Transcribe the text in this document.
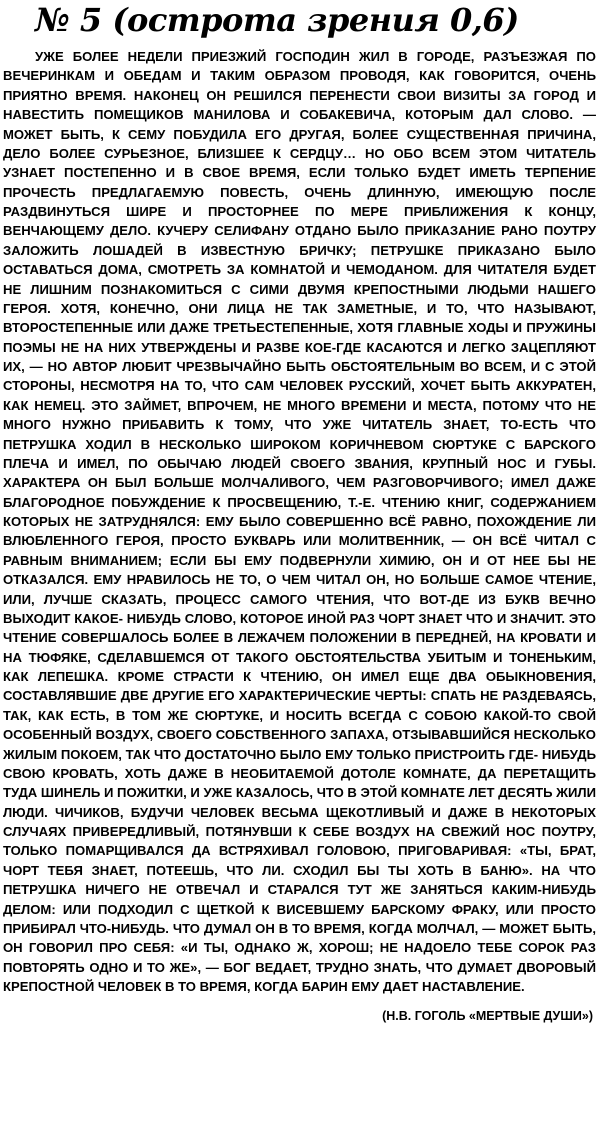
№ 5 (острота зрения 0,6)

УЖЕ БОЛЕЕ НЕДЕЛИ ПРИЕЗЖИЙ ГОСПОДИН ЖИЛ В ГОРОДЕ, РАЗЪЕЗЖАЯ ПО ВЕЧЕРИНКАМ И ОБЕДАМ И ТАКИМ ОБРАЗОМ ПРОВОДЯ, КАК ГОВОРИТСЯ, ОЧЕНЬ ПРИЯТНО ВРЕМЯ. НАКОНЕЦ ОН РЕШИЛСЯ ПЕРЕНЕСТИ СВОИ ВИЗИТЫ ЗА ГОРОД И НАВЕСТИТЬ ПОМЕЩИКОВ МАНИЛОВА И СОБАКЕВИЧА, КОТОРЫМ ДАЛ СЛОВО. — МОЖЕТ БЫТЬ, К СЕМУ ПОБУДИЛА ЕГО ДРУГАЯ, БОЛЕЕ СУЩЕСТВЕННАЯ ПРИЧИНА, ДЕЛО БОЛЕЕ СУРЬЕЗНОЕ, БЛИЗШЕЕ К СЕРДЦУ… НО ОБО ВСЕМ ЭТОМ ЧИТАТЕЛЬ УЗНАЕТ ПОСТЕПЕННО И В СВОЕ ВРЕМЯ, ЕСЛИ ТОЛЬКО БУДЕТ ИМЕТЬ ТЕРПЕНИЕ ПРОЧЕСТЬ ПРЕДЛАГАЕМУЮ ПОВЕСТЬ, ОЧЕНЬ ДЛИННУЮ, ИМЕЮЩУЮ ПОСЛЕ РАЗДВИНУТЬСЯ ШИРЕ И ПРОСТОРНЕЕ ПО МЕРЕ ПРИБЛИЖЕНИЯ К КОНЦУ, ВЕНЧАЮЩЕМУ ДЕЛО. КУЧЕРУ СЕЛИФАНУ ОТДАНО БЫЛО ПРИКАЗАНИЕ РАНО ПОУТРУ ЗАЛОЖИТЬ ЛОШАДЕЙ В ИЗВЕСТНУЮ БРИЧКУ; ПЕТРУШКЕ ПРИКАЗАНО БЫЛО ОСТАВАТЬСЯ ДОМА, СМОТРЕТЬ ЗА КОМНАТОЙ И ЧЕМОДАНОМ. ДЛЯ ЧИТАТЕЛЯ БУДЕТ НЕ ЛИШНИМ ПОЗНАКОМИТЬСЯ С СИМИ ДВУМЯ КРЕПОСТНЫМИ ЛЮДЬМИ НАШЕГО ГЕРОЯ. ХОТЯ, КОНЕЧНО, ОНИ ЛИЦА НЕ ТАК ЗАМЕТНЫЕ, И ТО, ЧТО НАЗЫВАЮТ, ВТОРОСТЕПЕННЫЕ ИЛИ ДАЖЕ ТРЕТЬЕСТЕПЕННЫЕ, ХОТЯ ГЛАВНЫЕ ХОДЫ И ПРУЖИНЫ ПОЭМЫ НЕ НА НИХ УТВЕРЖДЕНЫ И РАЗВЕ КОЕ-ГДЕ КАСАЮТСЯ И ЛЕГКО ЗАЦЕПЛЯЮТ ИХ, — НО АВТОР ЛЮБИТ ЧРЕЗВЫЧАЙНО БЫТЬ ОБСТОЯТЕЛЬНЫМ ВО ВСЕМ, И С ЭТОЙ СТОРОНЫ, НЕСМОТРЯ НА ТО, ЧТО САМ ЧЕЛОВЕК РУССКИЙ, ХОЧЕТ БЫТЬ АККУРАТЕН, КАК НЕМЕЦ. ЭТО ЗАЙМЕТ, ВПРОЧЕМ, НЕ МНОГО ВРЕМЕНИ И МЕСТА, ПОТОМУ ЧТО НЕ МНОГО НУЖНО ПРИБАВИТЬ К ТОМУ, ЧТО УЖЕ ЧИТАТЕЛЬ ЗНАЕТ, ТО-ЕСТЬ ЧТО ПЕТРУШКА ХОДИЛ В НЕСКОЛЬКО ШИРОКОМ КОРИЧНЕВОМ СЮРТУКЕ С БАРСКОГО ПЛЕЧА И ИМЕЛ, ПО ОБЫЧАЮ ЛЮДЕЙ СВОЕГО ЗВАНИЯ, КРУПНЫЙ НОС И ГУБЫ. ХАРАКТЕРА ОН БЫЛ БОЛЬШЕ МОЛЧАЛИВОГО, ЧЕМ РАЗГОВОРЧИВОГО; ИМЕЛ ДАЖЕ БЛАГОРОДНОЕ ПОБУЖДЕНИЕ К ПРОСВЕЩЕНИЮ, Т.-Е. ЧТЕНИЮ КНИГ, СОДЕРЖАНИЕМ КОТОРЫХ НЕ ЗАТРУДНЯЛСЯ: ЕМУ БЫЛО СОВЕРШЕННО ВСЁ РАВНО, ПОХОЖДЕНИЕ ЛИ ВЛЮБЛЕННОГО ГЕРОЯ, ПРОСТО БУКВАРЬ ИЛИ МОЛИТВЕННИК, — ОН ВСЁ ЧИТАЛ С РАВНЫМ ВНИМАНИЕМ; ЕСЛИ БЫ ЕМУ ПОДВЕРНУЛИ ХИМИЮ, ОН И ОТ НЕЕ БЫ НЕ ОТКАЗАЛСЯ. ЕМУ НРАВИЛОСЬ НЕ ТО, О ЧЕМ ЧИТАЛ ОН, НО БОЛЬШЕ САМОЕ ЧТЕНИЕ, ИЛИ, ЛУЧШЕ СКАЗАТЬ, ПРОЦЕСС САМОГО ЧТЕНИЯ, ЧТО ВОТ-ДЕ ИЗ БУКВ ВЕЧНО ВЫХОДИТ КАКОЕ- НИБУДЬ СЛОВО, КОТОРОЕ ИНОЙ РАЗ ЧОРТ ЗНАЕТ ЧТО И ЗНАЧИТ. ЭТО ЧТЕНИЕ СОВЕРШАЛОСЬ БОЛЕЕ В ЛЕЖАЧЕМ ПОЛОЖЕНИИ В ПЕРЕДНЕЙ, НА КРОВАТИ И НА ТЮФЯКЕ, СДЕЛАВШЕМСЯ ОТ ТАКОГО ОБСТОЯТЕЛЬСТВА УБИТЫМ И ТОНЕНЬКИМ, КАК ЛЕПЕШКА. КРОМЕ СТРАСТИ К ЧТЕНИЮ, ОН ИМЕЛ ЕЩЕ ДВА ОБЫКНОВЕНИЯ, СОСТАВЛЯВШИЕ ДВЕ ДРУГИЕ ЕГО ХАРАКТЕРИЧЕСКИЕ ЧЕРТЫ: СПАТЬ НЕ РАЗДЕВАЯСЬ, ТАК, КАК ЕСТЬ, В ТОМ ЖЕ СЮРТУКЕ, И НОСИТЬ ВСЕГДА С СОБОЮ КАКОЙ-ТО СВОЙ ОСОБЕННЫЙ ВОЗДУХ, СВОЕГО СОБСТВЕННОГО ЗАПАХА, ОТЗЫВАВШИЙСЯ НЕСКОЛЬКО ЖИЛЫМ ПОКОЕМ, ТАК ЧТО ДОСТАТОЧНО БЫЛО ЕМУ ТОЛЬКО ПРИСТРОИТЬ ГДЕ- НИБУДЬ СВОЮ КРОВАТЬ, ХОТЬ ДАЖЕ В НЕОБИТАЕМОЙ ДОТОЛЕ КОМНАТЕ, ДА ПЕРЕТАЩИТЬ ТУДА ШИНЕЛЬ И ПОЖИТКИ, И УЖЕ КАЗАЛОСЬ, ЧТО В ЭТОЙ КОМНАТЕ ЛЕТ ДЕСЯТЬ ЖИЛИ ЛЮДИ. ЧИЧИКОВ, БУДУЧИ ЧЕЛОВЕК ВЕСЬМА ЩЕКОТЛИВЫЙ И ДАЖЕ В НЕКОТОРЫХ СЛУЧАЯХ ПРИВЕРЕДЛИВЫЙ, ПОТЯНУВШИ К СЕБЕ ВОЗДУХ НА СВЕЖИЙ НОС ПОУТРУ, ТОЛЬКО ПОМАРЩИВАЛСЯ ДА ВСТРЯХИВАЛ ГОЛОВОЮ, ПРИГОВАРИВАЯ: «ТЫ, БРАТ, ЧОРТ ТЕБЯ ЗНАЕТ, ПОТЕЕШЬ, ЧТО ЛИ. СХОДИЛ БЫ ТЫ ХОТЬ В БАНЮ». НА ЧТО ПЕТРУШКА НИЧЕГО НЕ ОТВЕЧАЛ И СТАРАЛСЯ ТУТ ЖЕ ЗАНЯТЬСЯ КАКИМ-НИБУДЬ ДЕЛОМ: ИЛИ ПОДХОДИЛ С ЩЕТКОЙ К ВИСЕВШЕМУ БАРСКОМУ ФРАКУ, ИЛИ ПРОСТО ПРИБИРАЛ ЧТО-НИБУДЬ. ЧТО ДУМАЛ ОН В ТО ВРЕМЯ, КОГДА МОЛЧАЛ, — МОЖЕТ БЫТЬ, ОН ГОВОРИЛ ПРО СЕБЯ: «И ТЫ, ОДНАКО Ж, ХОРОШ; НЕ НАДОЕЛО ТЕБЕ СОРОК РАЗ ПОВТОРЯТЬ ОДНО И ТО ЖЕ», — БОГ ВЕДАЕТ, ТРУДНО ЗНАТЬ, ЧТО ДУМАЕТ ДВОРОВЫЙ КРЕПОСТНОЙ ЧЕЛОВЕК В ТО ВРЕМЯ, КОГДА БАРИН ЕМУ ДАЕТ НАСТАВЛЕНИЕ.

(Н.В. ГОГОЛЬ «МЕРТВЫЕ ДУШИ»)
